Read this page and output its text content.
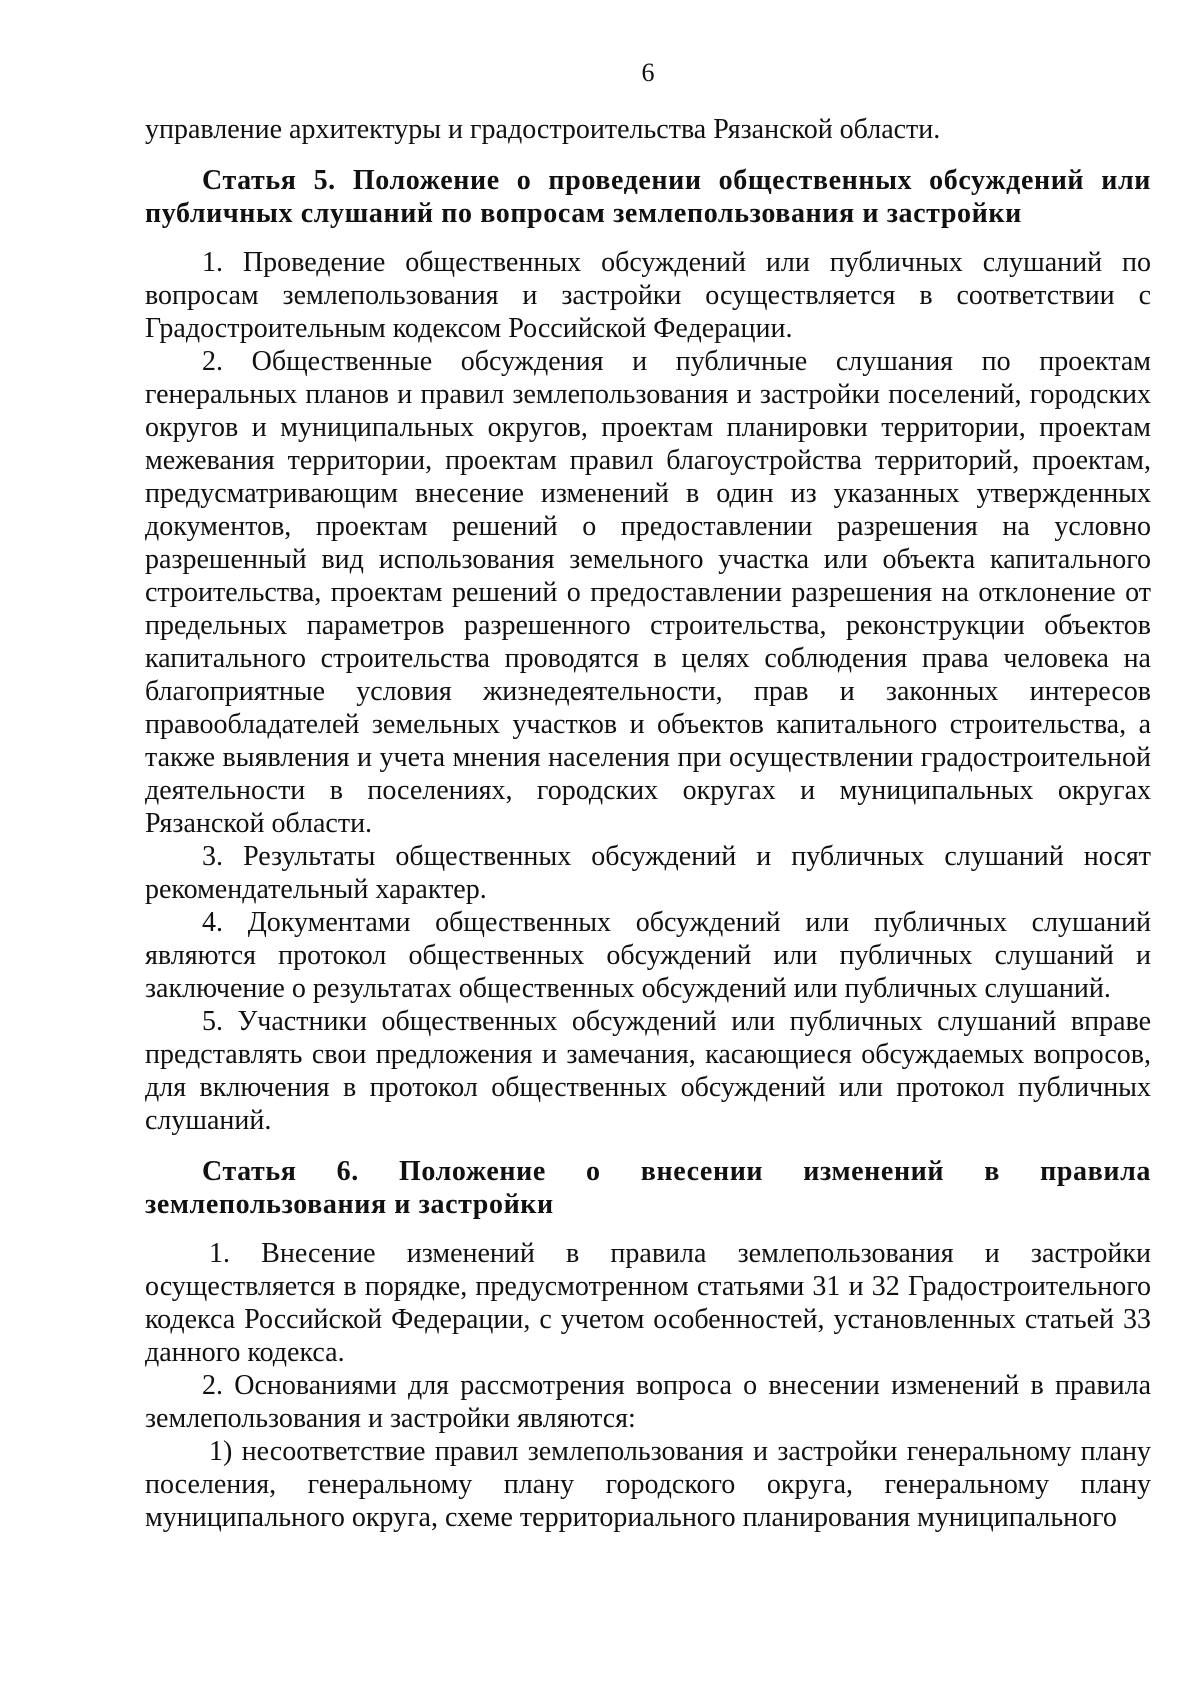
6

управление архитектуры и градостроительства Рязанской области.

Статья 5. Положение о проведении общественных обсуждений или публичных слушаний по вопросам землепользования и застройки

1. Проведение общественных обсуждений или публичных слушаний по вопросам землепользования и застройки осуществляется в соответствии с Градостроительным кодексом Российской Федерации.

2. Общественные обсуждения и публичные слушания по проектам генеральных планов и правил землепользования и застройки поселений, городских округов и муниципальных округов, проектам планировки территории, проектам межевания территории, проектам правил благоустройства территорий, проектам, предусматривающим внесение изменений в один из указанных утвержденных документов, проектам решений о предоставлении разрешения на условно разрешенный вид использования земельного участка или объекта капитального строительства, проектам решений о предоставлении разрешения на отклонение от предельных параметров разрешенного строительства, реконструкции объектов капитального строительства проводятся в целях соблюдения права человека на благоприятные условия жизнедеятельности, прав и законных интересов правообладателей земельных участков и объектов капитального строительства, а также выявления и учета мнения населения при осуществлении градостроительной деятельности в поселениях, городских округах и муниципальных округах Рязанской области.

3. Результаты общественных обсуждений и публичных слушаний носят рекомендательный характер.

4. Документами общественных обсуждений или публичных слушаний являются протокол общественных обсуждений или публичных слушаний и заключение о результатах общественных обсуждений или публичных слушаний.

5. Участники общественных обсуждений или публичных слушаний вправе представлять свои предложения и замечания, касающиеся обсуждаемых вопросов, для включения в протокол общественных обсуждений или протокол публичных слушаний.

Статья 6. Положение о внесении изменений в правила землепользования и застройки

1. Внесение изменений в правила землепользования и застройки осуществляется в порядке, предусмотренном статьями 31 и 32 Градостроительного кодекса Российской Федерации, с учетом особенностей, установленных статьей 33 данного кодекса.

2. Основаниями для рассмотрения вопроса о внесении изменений в правила землепользования и застройки являются:

1) несоответствие правил землепользования и застройки генеральному плану поселения, генеральному плану городского округа, генеральному плану муниципального округа, схеме территориального планирования муниципального
